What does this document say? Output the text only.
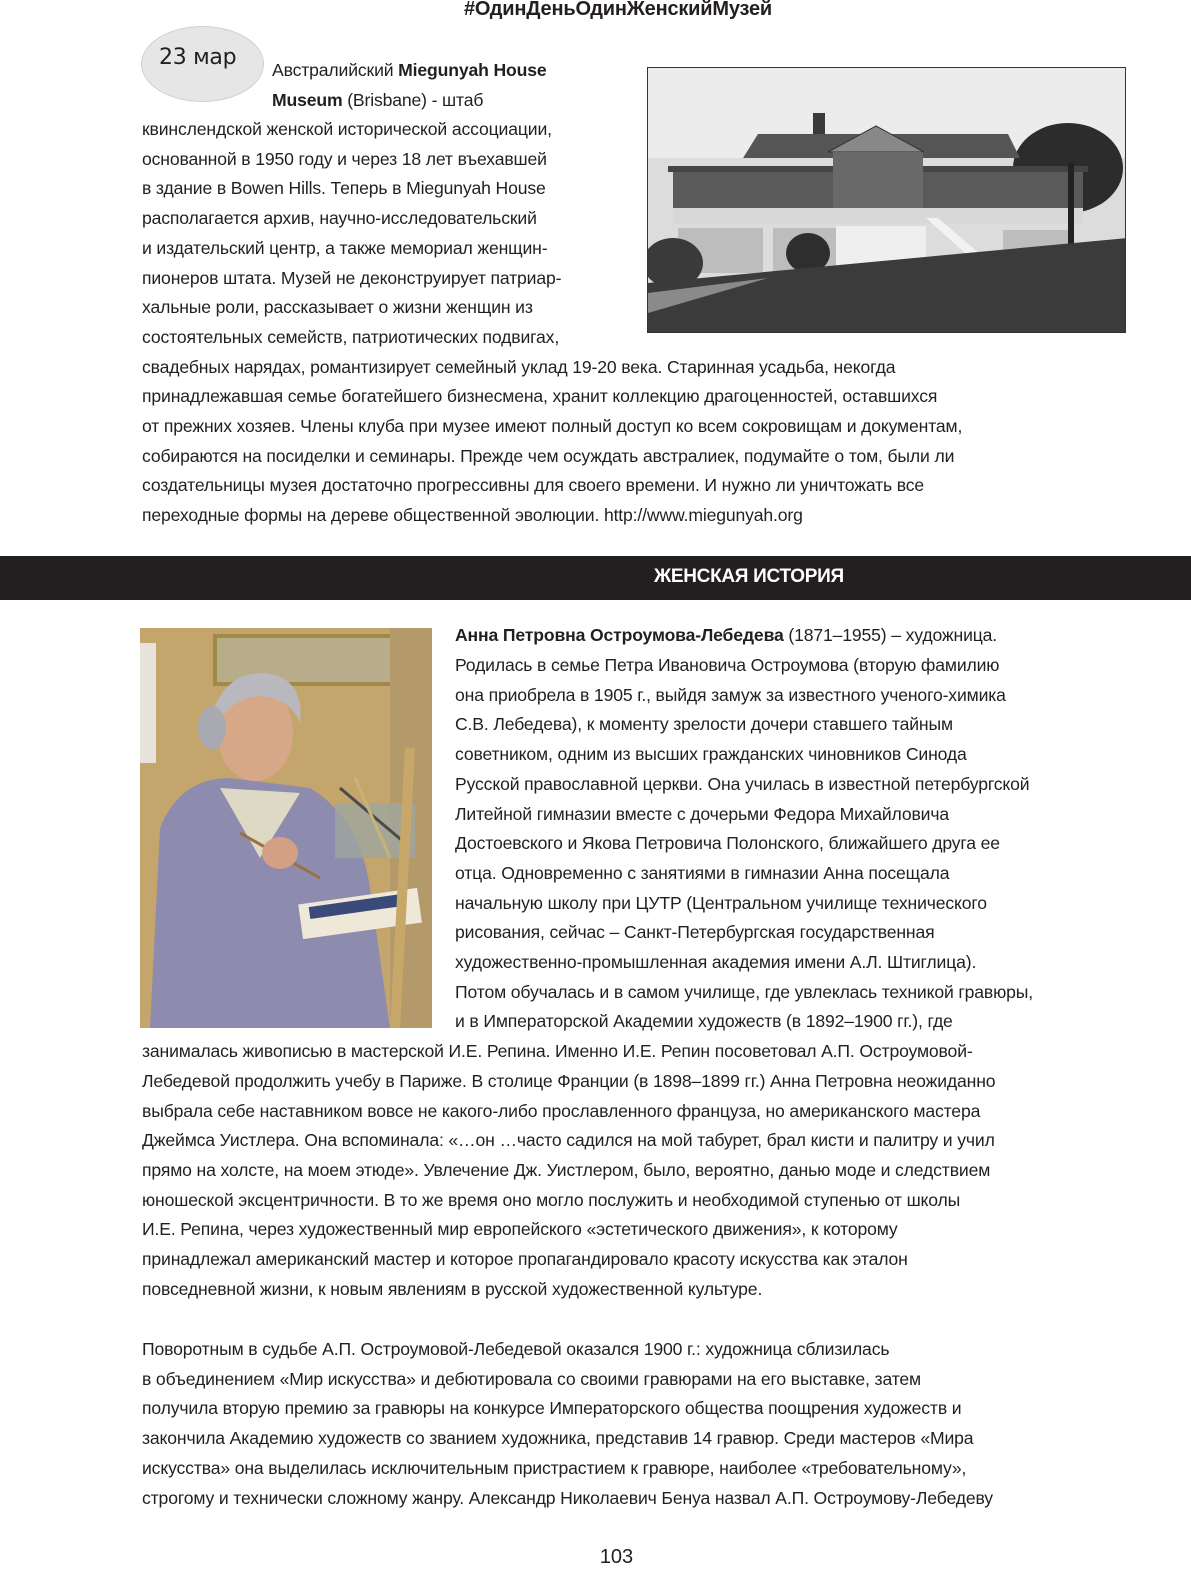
#ОдинДеньОдинЖенскийМузей
23 мар Австралийский Miegunyah House
Museum (Brisbane) - штаб
квинслендской женской исторической ассоциации,
основанной в 1950 году и через 18 лет въехавшей
в здание в Bowen Hills. Теперь в Miegunyah House
располагается архив, научно-исследовательский
и издательский центр, а также мемориал женщин-
пионеров штата. Музей не деконструирует патриар-
хальные роли, рассказывает о жизни женщин из
состоятельных семейств, патриотических подвигах,
свадебных нарядах, романтизирует семейный уклад 19-20 века. Старинная усадьба, некогда
принадлежавшая семье богатейшего бизнесмена, хранит коллекцию драгоценностей, оставшихся
от прежних хозяев. Члены клуба при музее имеют полный доступ ко всем сокровищам и документам,
собираются на посиделки и семинары. Прежде чем осуждать австралиек, подумайте о том, были ли
создательницы музея достаточно прогрессивны для своего времени. И нужно ли уничтожать все
переходные формы на дереве общественной эволюции. http://www.miegunyah.org
ЖЕНСКАЯ ИСТОРИЯ
Анна Петровна Остроумова-Лебедева (1871–1955) – художница.
Родилась в семье Петра Ивановича Остроумова (вторую фамилию
она приобрела в 1905 г., выйдя замуж за известного ученого-химика
С.В. Лебедева), к моменту зрелости дочери ставшего тайным
советником, одним из высших гражданских чиновников Синода
Русской православной церкви. Она училась в известной петербургской
Литейной гимназии вместе с дочерьми Федора Михайловича
Достоевского и Якова Петровича Полонского, ближайшего друга ее
отца. Одновременно с занятиями в гимназии Анна посещала
начальную школу при ЦУТР (Центральном училище технического
рисования, сейчас – Санкт-Петербургская государственная
художественно-промышленная академия имени А.Л. Штиглица).
Потом обучалась и в самом училище, где увлеклась техникой гравюры,
и в Императорской Академии художеств (в 1892–1900 гг.), где
занималась живописью в мастерской И.Е. Репина. Именно И.Е. Репин посоветовал А.П. Остроумовой-
Лебедевой продолжить учебу в Париже. В столице Франции (в 1898–1899 гг.) Анна Петровна неожиданно
выбрала себе наставником вовсе не какого-либо прославленного француза, но американского мастера
Джеймса Уистлера. Она вспоминала: «…он …часто садился на мой табурет, брал кисти и палитру и учил
прямо на холсте, на моем этюде». Увлечение Дж. Уистлером, было, вероятно, данью моде и следствием
юношеской эксцентричности. В то же время оно могло послужить и необходимой ступенью от школы
И.Е. Репина, через художественный мир европейского «эстетического движения», к которому
принадлежал американский мастер и которое пропагандировало красоту искусства как эталон
повседневной жизни, к новым явлениям в русской художественной культуре.
Поворотным в судьбе А.П. Остроумовой-Лебедевой оказался 1900 г.: художница сблизилась
в объединением «Мир искусства» и дебютировала со своими гравюрами на его выставке, затем
получила вторую премию за гравюры на конкурсе Императорского общества поощрения художеств и
закончила Академию художеств со званием художника, представив 14 гравюр. Среди мастеров «Мира
искусства» она выделилась исключительным пристрастием к гравюре, наиболее «требовательному»,
строгому и технически сложному жанру. Александр Николаевич Бенуа назвал А.П. Остроумову-Лебедеву
103
